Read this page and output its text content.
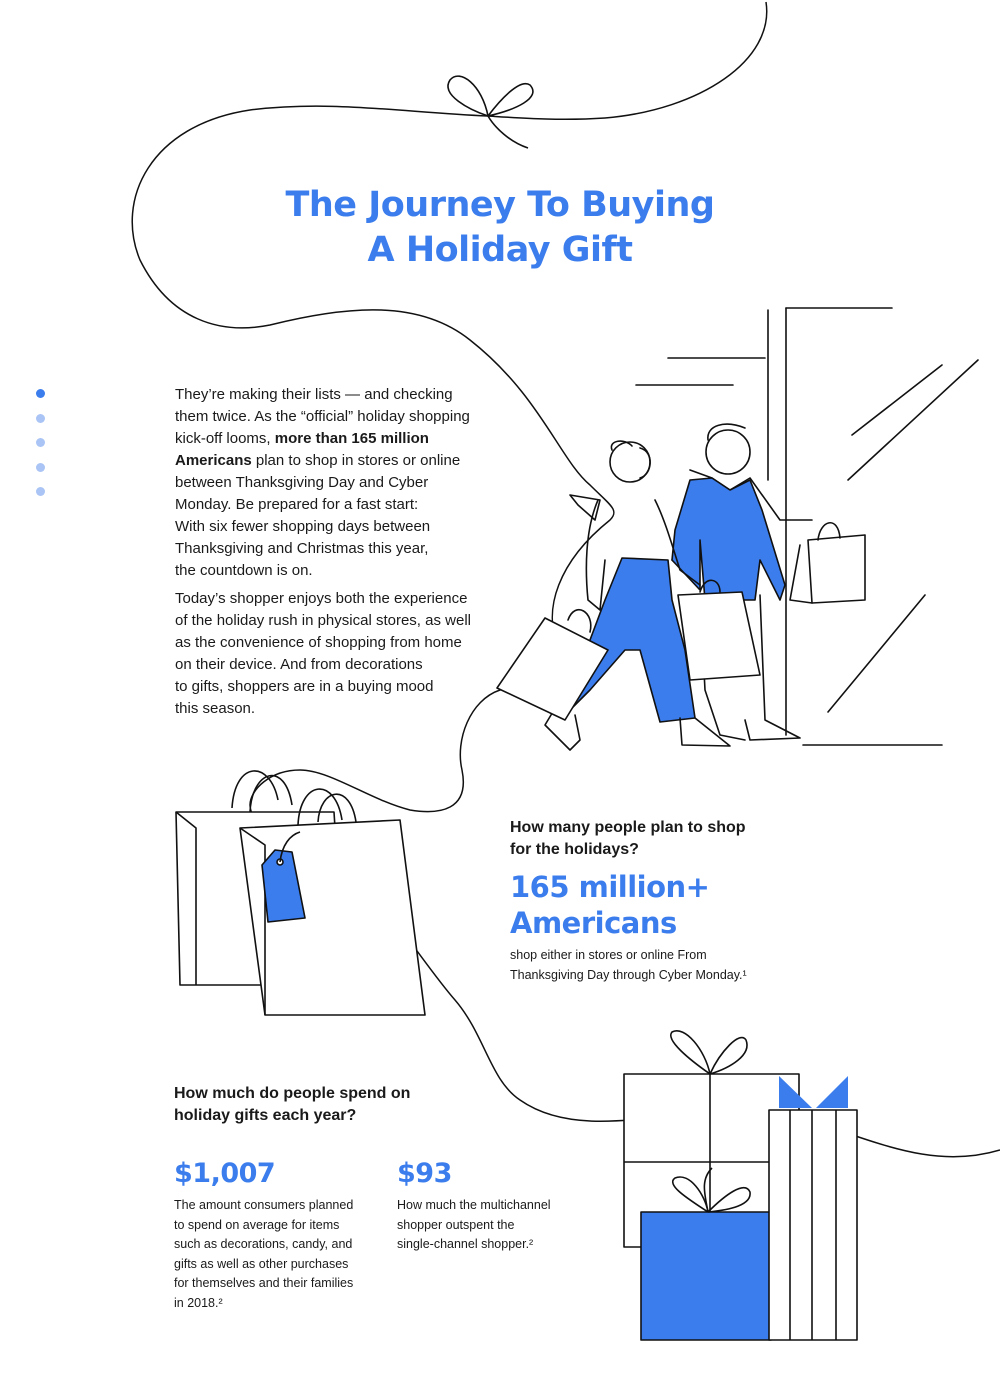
The Journey To Buying
A Holiday Gift

They’re making their lists — and checking
them twice. As the “official” holiday shopping
kick-off looms, more than 165 million
Americans plan to shop in stores or online
between Thanksgiving Day and Cyber
Monday. Be prepared for a fast start:
With six fewer shopping days between
Thanksgiving and Christmas this year,
the countdown is on.

Today’s shopper enjoys both the experience
of the holiday rush in physical stores, as well
as the convenience of shopping from home
on their device. And from decorations
to gifts, shoppers are in a buying mood
this season.

How many people plan to shop
for the holidays?
165 million+
Americans
shop either in stores or online From
Thanksgiving Day through Cyber Monday.¹
How much do people spend on
holiday gifts each year?
$1,007
The amount consumers planned
to spend on average for items
such as decorations, candy, and
gifts as well as other purchases
for themselves and their families
in 2018.²
$93
How much the multichannel
shopper outspent the
single-channel shopper.²
